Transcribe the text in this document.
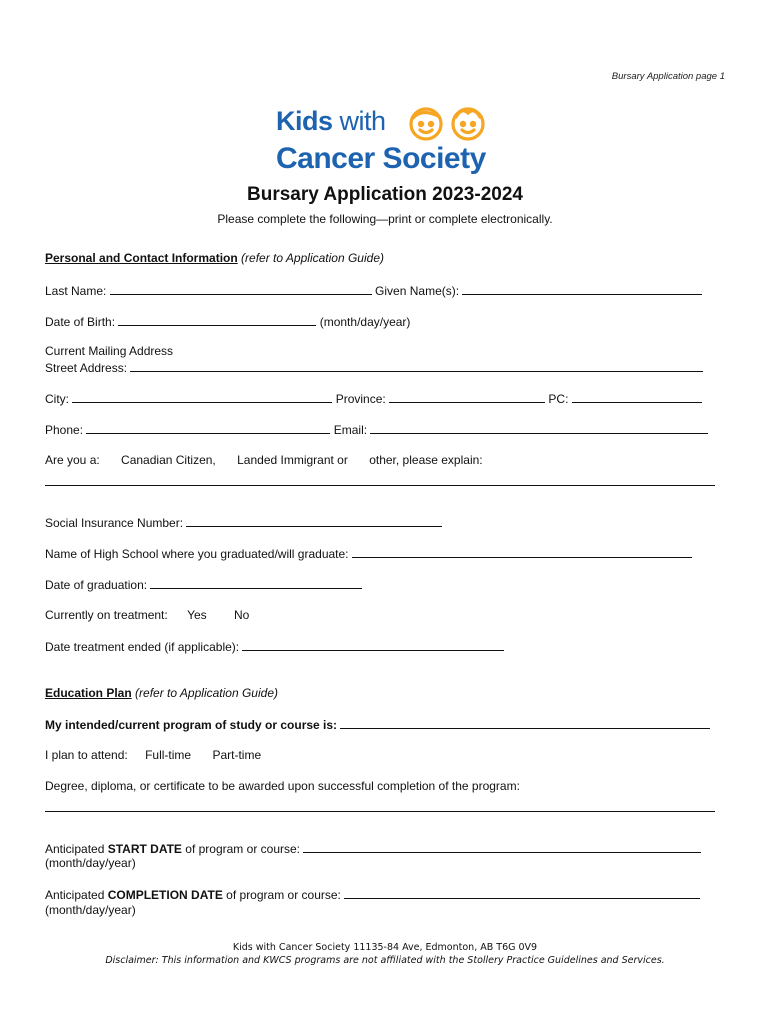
Bursary Application page 1
Kids with
Cancer Society
Bursary Application 2023-2024
Please complete the following—print or complete electronically.
Personal and Contact Information (refer to Application Guide)
Last Name:	Given Name(s):
Date of Birth:	(month/day/year)
Current Mailing Address
Street Address:
City:	Province:	PC:
Phone:	Email:
Are you a: Canadian Citizen, Landed Immigrant or other, please explain:
Social Insurance Number:
Name of High School where you graduated/will graduate:
Date of graduation:
Currently on treatment: Yes No
Date treatment ended (if applicable):
Education Plan (refer to Application Guide)
My intended/current program of study or course is:
I plan to attend: Full-time Part-time
Degree, diploma, or certificate to be awarded upon successful completion of the program:
Anticipated START DATE of program or course:
(month/day/year)
Anticipated COMPLETION DATE of program or course:
(month/day/year)
Kids with Cancer Society 11135-84 Ave, Edmonton, AB T6G 0V9
Disclaimer: This information and KWCS programs are not affiliated with the Stollery Practice Guidelines and Services.
